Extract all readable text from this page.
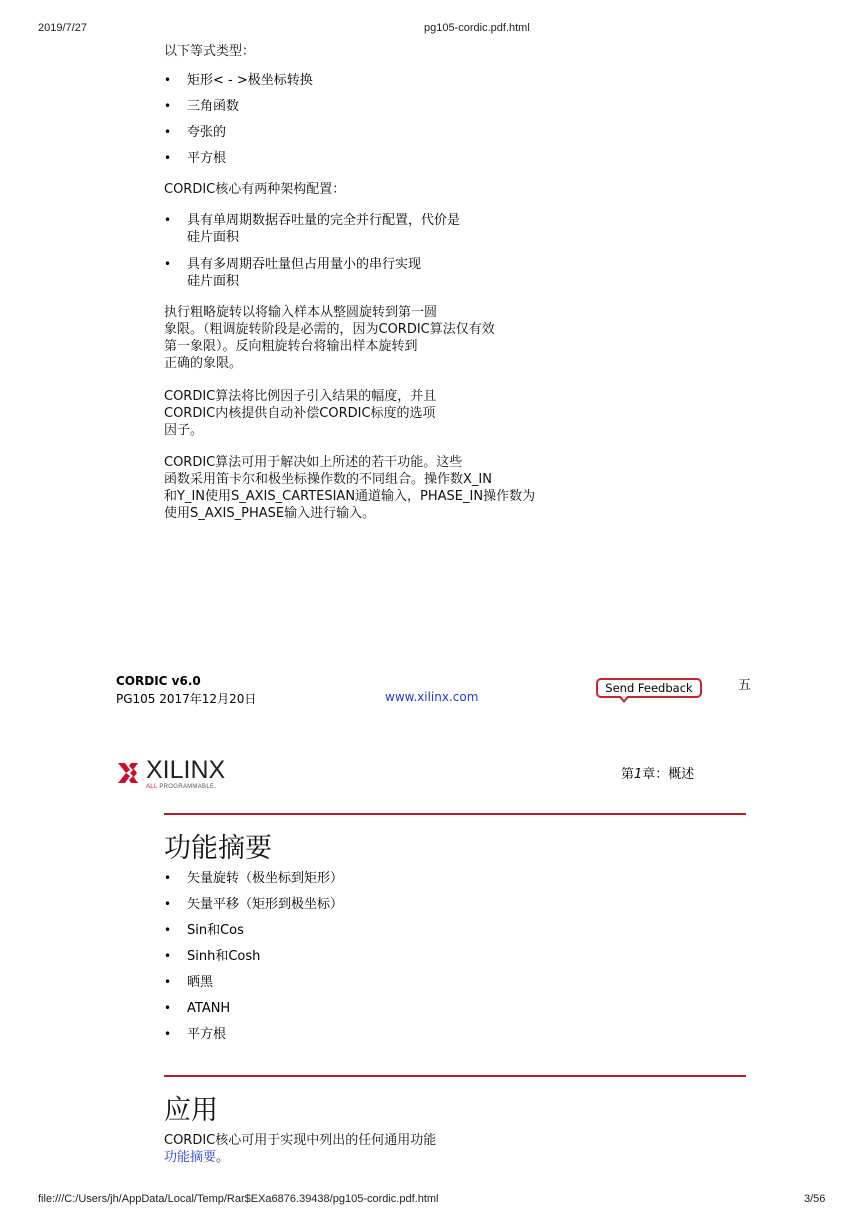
2019/7/27	pg105-cordic.pdf.html
以下等式类型：
• 矩形< - >极坐标转换
• 三角函数
• 夸张的
• 平方根
CORDIC核心有两种架构配置：
• 具有单周期数据吞吐量的完全并行配置，代价是
硅片面积
• 具有多周期吞吐量但占用量小的串行实现
硅片面积
执行粗略旋转以将输入样本从整圆旋转到第一圆
象限。（粗调旋转阶段是必需的，因为CORDIC算法仅有效
第一象限）。反向粗旋转台将输出样本旋转到
正确的象限。
CORDIC算法将比例因子引入结果的幅度，并且
CORDIC内核提供自动补偿CORDIC标度的选项
因子。
CORDIC算法可用于解决如上所述的若干功能。这些
函数采用笛卡尔和极坐标操作数的不同组合。操作数X_IN
和Y_IN使用S_AXIS_CARTESIAN通道输入，PHASE_IN操作数为
使用S_AXIS_PHASE输入进行输入。
CORDIC v6.0
PG105 2017年12月20日	www.xilinx.com
Send Feedback	五
XILINX
ALL PROGRAMMABLE.
第1章：概述
功能摘要
• 矢量旋转（极坐标到矩形）
• 矢量平移（矩形到极坐标）
• Sin和Cos
• Sinh和Cosh
• 晒黑
• ATANH
• 平方根
应用
CORDIC核心可用于实现中列出的任何通用功能
功能摘要。
file:///C:/Users/jh/AppData/Local/Temp/Rar$EXa6876.39438/pg105-cordic.pdf.html	3/56
